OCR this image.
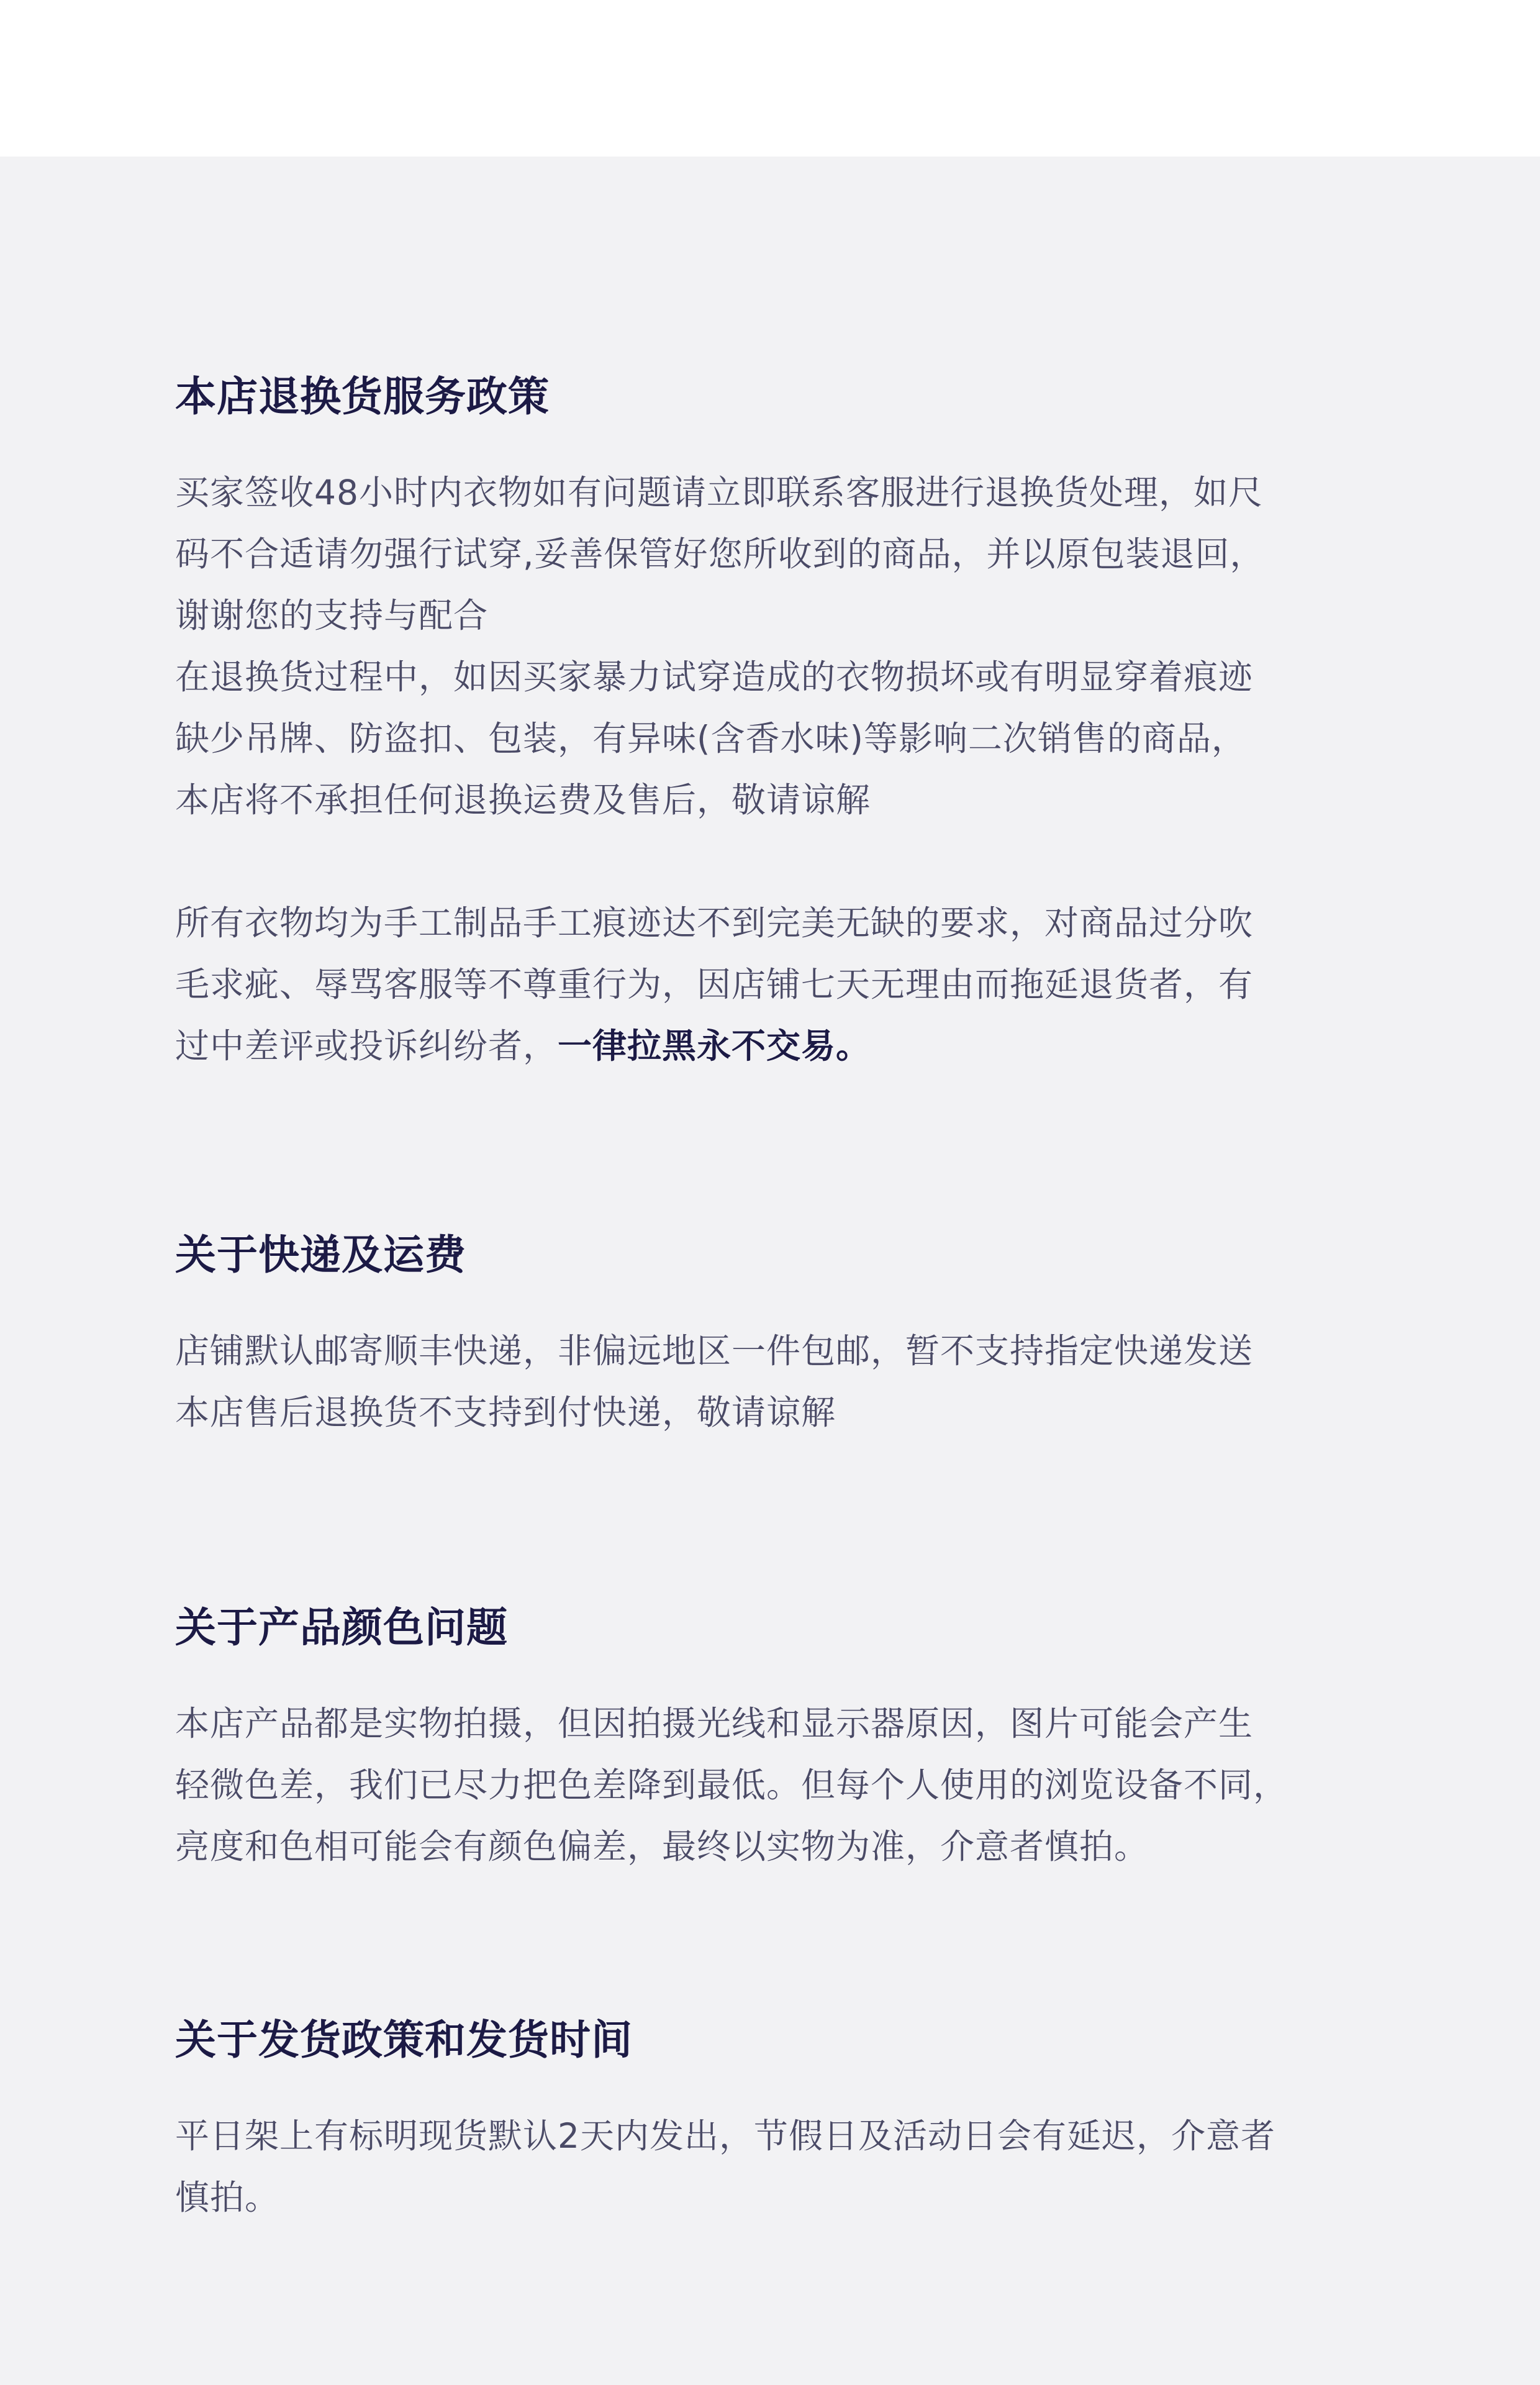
本店退换货服务政策
买家签收48小时内衣物如有问题请立即联系客服进行退换货处理，如尺
码不合适请勿强行试穿,妥善保管好您所收到的商品，并以原包装退回，
谢谢您的支持与配合
在退换货过程中，如因买家暴力试穿造成的衣物损坏或有明显穿着痕迹
缺少吊牌、防盗扣、包装，有异味(含香水味)等影响二次销售的商品，
本店将不承担任何退换运费及售后，敬请谅解
所有衣物均为手工制品手工痕迹达不到完美无缺的要求，对商品过分吹
毛求疵、辱骂客服等不尊重行为，因店铺七天无理由而拖延退货者，有
过中差评或投诉纠纷者，一律拉黑永不交易。
关于快递及运费
店铺默认邮寄顺丰快递，非偏远地区一件包邮，暂不支持指定快递发送
本店售后退换货不支持到付快递，敬请谅解
关于产品颜色问题
本店产品都是实物拍摄，但因拍摄光线和显示器原因，图片可能会产生
轻微色差，我们已尽力把色差降到最低。但每个人使用的浏览设备不同，
亮度和色相可能会有颜色偏差，最终以实物为准，介意者慎拍。
关于发货政策和发货时间
平日架上有标明现货默认2天内发出，节假日及活动日会有延迟，介意者
慎拍。
